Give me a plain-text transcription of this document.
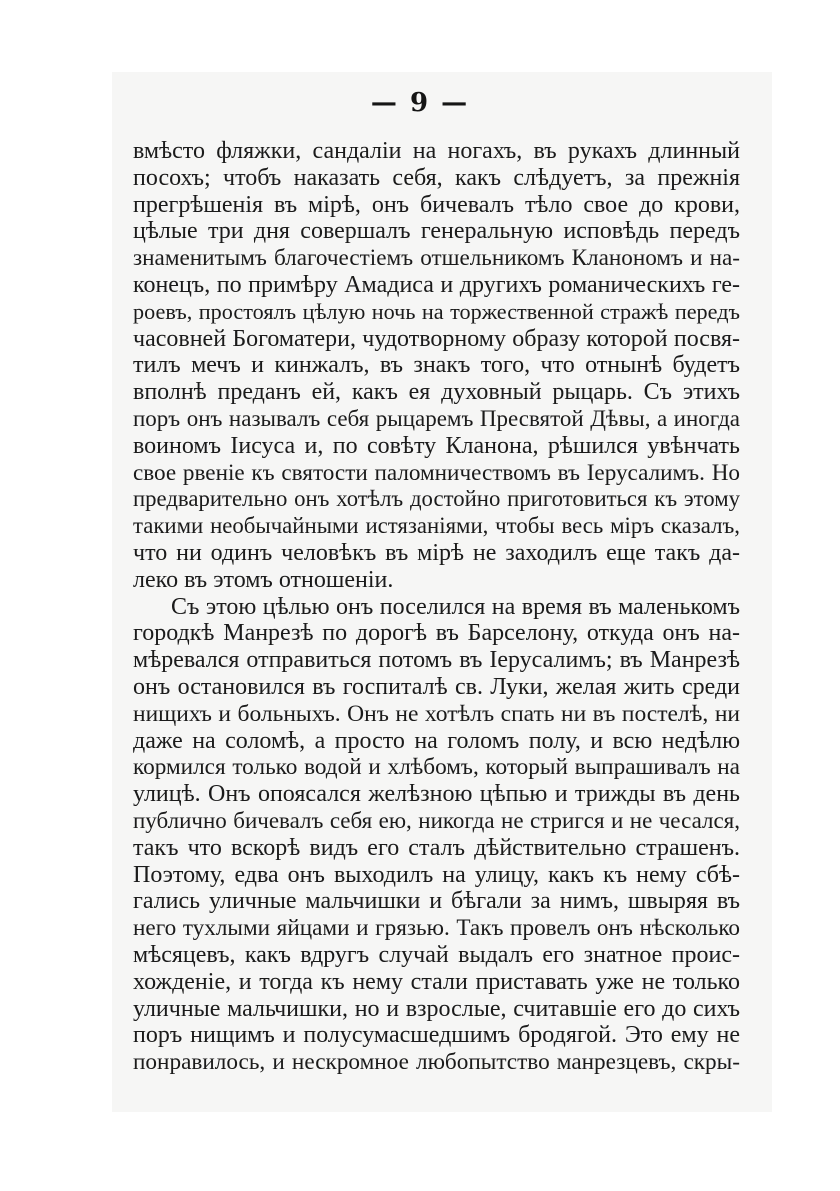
— 9 —
вмѣсто фляжки, сандаліи на ногахъ, въ рукахъ длинный
посохъ; чтобъ наказать себя, какъ слѣдуетъ, за прежнія
прегрѣшенія въ мірѣ, онъ бичевалъ тѣло свое до крови,
цѣлые три дня совершалъ генеральную исповѣдь передъ
знаменитымъ благочестіемъ отшельникомъ Кланономъ и на-
конецъ, по примѣру Амадиса и другихъ романическихъ ге-
роевъ, простоялъ цѣлую ночь на торжественной стражѣ передъ
часовней Богоматери, чудотворному образу которой посвя-
тилъ мечъ и кинжалъ, въ знакъ того, что отнынѣ будетъ
вполнѣ преданъ ей, какъ ея духовный рыцарь. Съ этихъ
поръ онъ называлъ себя рыцаремъ Пресвятой Дѣвы, а иногда
воиномъ Іисуса и, по совѣту Кланона, рѣшился увѣнчать
свое рвеніе къ святости паломничествомъ въ Іерусалимъ. Но
предварительно онъ хотѣлъ достойно приготовиться къ этому
такими необычайными истязаніями, чтобы весь міръ сказалъ,
что ни одинъ человѣкъ въ мірѣ не заходилъ еще такъ да-
леко въ этомъ отношеніи.
Съ этою цѣлью онъ поселился на время въ маленькомъ
городкѣ Манрезѣ по дорогѣ въ Барселону, откуда онъ на-
мѣревался отправиться потомъ въ Іерусалимъ; въ Манрезѣ
онъ остановился въ госпиталѣ св. Луки, желая жить среди
нищихъ и больныхъ. Онъ не хотѣлъ спать ни въ постелѣ, ни
даже на соломѣ, а просто на голомъ полу, и всю недѣлю
кормился только водой и хлѣбомъ, который выпрашивалъ на
улицѣ. Онъ опоясался желѣзною цѣпью и трижды въ день
публично бичевалъ себя ею, никогда не стригся и не чесался,
такъ что вскорѣ видъ его сталъ дѣйствительно страшенъ.
Поэтому, едва онъ выходилъ на улицу, какъ къ нему сбѣ-
гались уличные мальчишки и бѣгали за нимъ, швыряя въ
него тухлыми яйцами и грязью. Такъ провелъ онъ нѣсколько
мѣсяцевъ, какъ вдругъ случай выдалъ его знатное проис-
хожденіе, и тогда къ нему стали приставать уже не только
уличные мальчишки, но и взрослые, считавшіе его до сихъ
поръ нищимъ и полусумасшедшимъ бродягой. Это ему не
понравилось, и нескромное любопытство манрезцевъ, скры-
